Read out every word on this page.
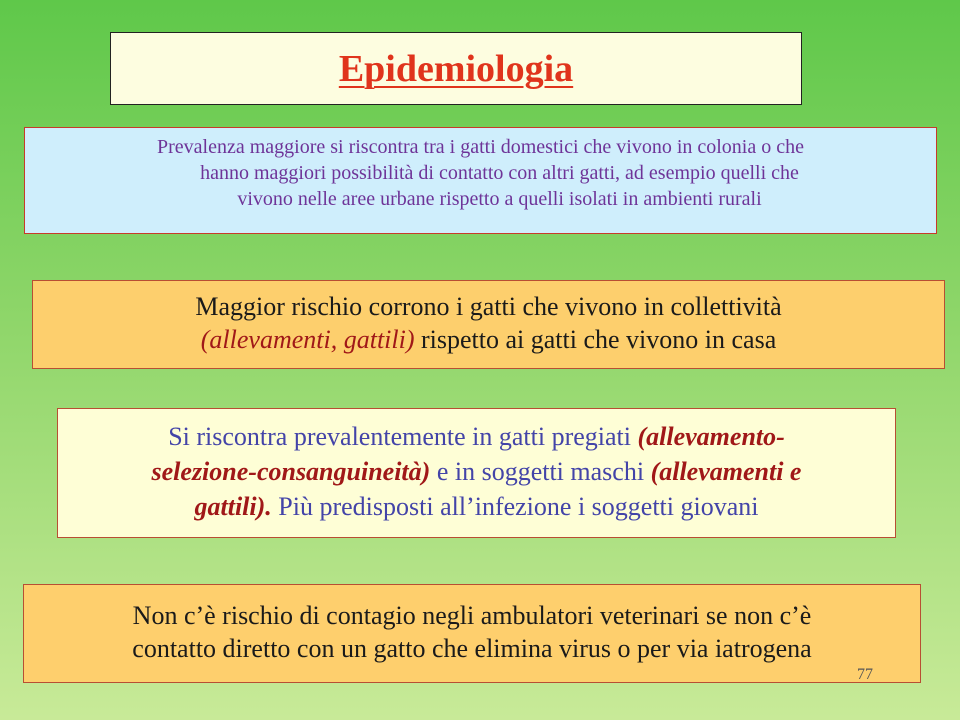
Epidemiologia
Prevalenza maggiore si riscontra tra i gatti domestici che vivono in colonia o che
hanno maggiori possibilità di contatto con altri gatti, ad esempio quelli che
vivono nelle aree urbane rispetto a quelli isolati in ambienti rurali
Maggior rischio corrono i gatti che vivono in collettività
(allevamenti, gattili) rispetto ai gatti che vivono in casa
Si riscontra prevalentemente in gatti pregiati (allevamento-
selezione-consanguineità) e in soggetti maschi (allevamenti e
gattili). Più predisposti all’infezione i soggetti giovani
Non c’è rischio di contagio negli ambulatori veterinari se non c’è
contatto diretto con un gatto che elimina virus o per via iatrogena
77
